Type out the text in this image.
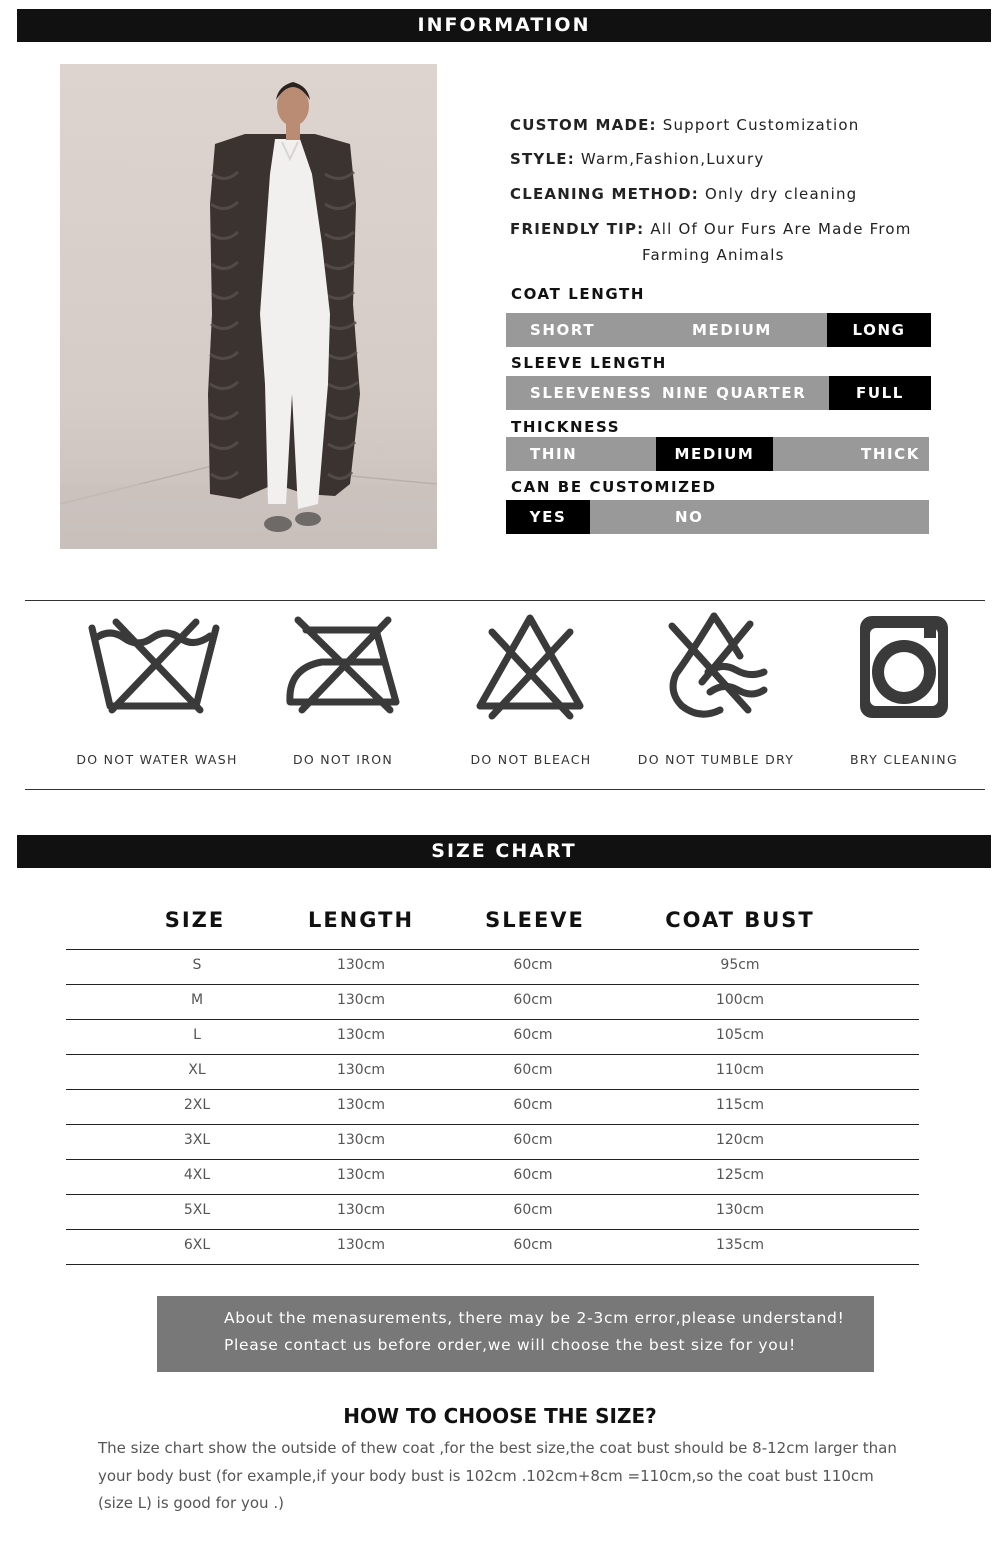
INFORMATION
CUSTOM MADE: Support Customization
STYLE: Warm,Fashion,Luxury
CLEANING METHOD: Only dry cleaning
FRIENDLY TIP: All Of Our Furs Are Made From
Farming Animals
COAT LENGTH
SHORT	MEDIUM	LONG
SLEEVE LENGTH
SLEEVENESS NINE QUARTER	FULL
THICKNESS
THIN	MEDIUM	THICK
CAN BE CUSTOMIZED
YES	NO
DO NOT WATER WASH	DO NOT IRON	DO NOT BLEACH	DO NOT TUMBLE DRY	BRY CLEANING
SIZE CHART
SIZE	LENGTH	SLEEVE	COAT BUST
S	130cm	60cm	95cm
M	130cm	60cm	100cm
L	130cm	60cm	105cm
XL	130cm	60cm	110cm
2XL	130cm	60cm	115cm
3XL	130cm	60cm	120cm
4XL	130cm	60cm	125cm
5XL	130cm	60cm	130cm
6XL	130cm	60cm	135cm
About the menasurements, there may be 2-3cm error,please understand!
Please contact us before order,we will choose the best size for you!
HOW TO CHOOSE THE SIZE?
The size chart show the outside of thew coat ,for the best size,the coat bust should be 8-12cm larger than your body bust (for example,if your body bust is 102cm .102cm+8cm =110cm,so the coat bust 110cm (size L) is good for you .)
